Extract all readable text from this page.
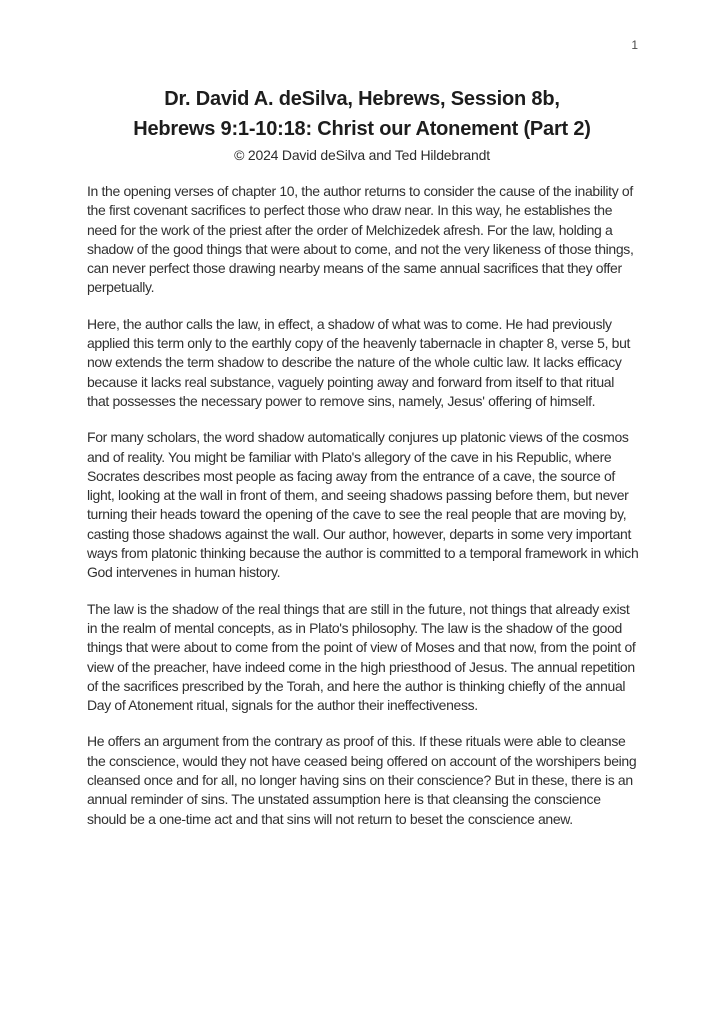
1
Dr. David A. deSilva, Hebrews, Session 8b,
Hebrews 9:1-10:18: Christ our Atonement (Part 2)
© 2024 David deSilva and Ted Hildebrandt

In the opening verses of chapter 10, the author returns to consider the cause of the inability of the first covenant sacrifices to perfect those who draw near. In this way, he establishes the need for the work of the priest after the order of Melchizedek afresh. For the law, holding a shadow of the good things that were about to come, and not the very likeness of those things, can never perfect those drawing nearby means of the same annual sacrifices that they offer perpetually.

Here, the author calls the law, in effect, a shadow of what was to come. He had previously applied this term only to the earthly copy of the heavenly tabernacle in chapter 8, verse 5, but now extends the term shadow to describe the nature of the whole cultic law. It lacks efficacy because it lacks real substance, vaguely pointing away and forward from itself to that ritual that possesses the necessary power to remove sins, namely, Jesus' offering of himself.

For many scholars, the word shadow automatically conjures up platonic views of the cosmos and of reality. You might be familiar with Plato's allegory of the cave in his Republic, where Socrates describes most people as facing away from the entrance of a cave, the source of light, looking at the wall in front of them, and seeing shadows passing before them, but never turning their heads toward the opening of the cave to see the real people that are moving by, casting those shadows against the wall. Our author, however, departs in some very important ways from platonic thinking because the author is committed to a temporal framework in which God intervenes in human history.

The law is the shadow of the real things that are still in the future, not things that already exist in the realm of mental concepts, as in Plato's philosophy. The law is the shadow of the good things that were about to come from the point of view of Moses and that now, from the point of view of the preacher, have indeed come in the high priesthood of Jesus. The annual repetition of the sacrifices prescribed by the Torah, and here the author is thinking chiefly of the annual Day of Atonement ritual, signals for the author their ineffectiveness.

He offers an argument from the contrary as proof of this. If these rituals were able to cleanse the conscience, would they not have ceased being offered on account of the worshipers being cleansed once and for all, no longer having sins on their conscience? But in these, there is an annual reminder of sins. The unstated assumption here is that cleansing the conscience should be a one-time act and that sins will not return to beset the conscience anew.
